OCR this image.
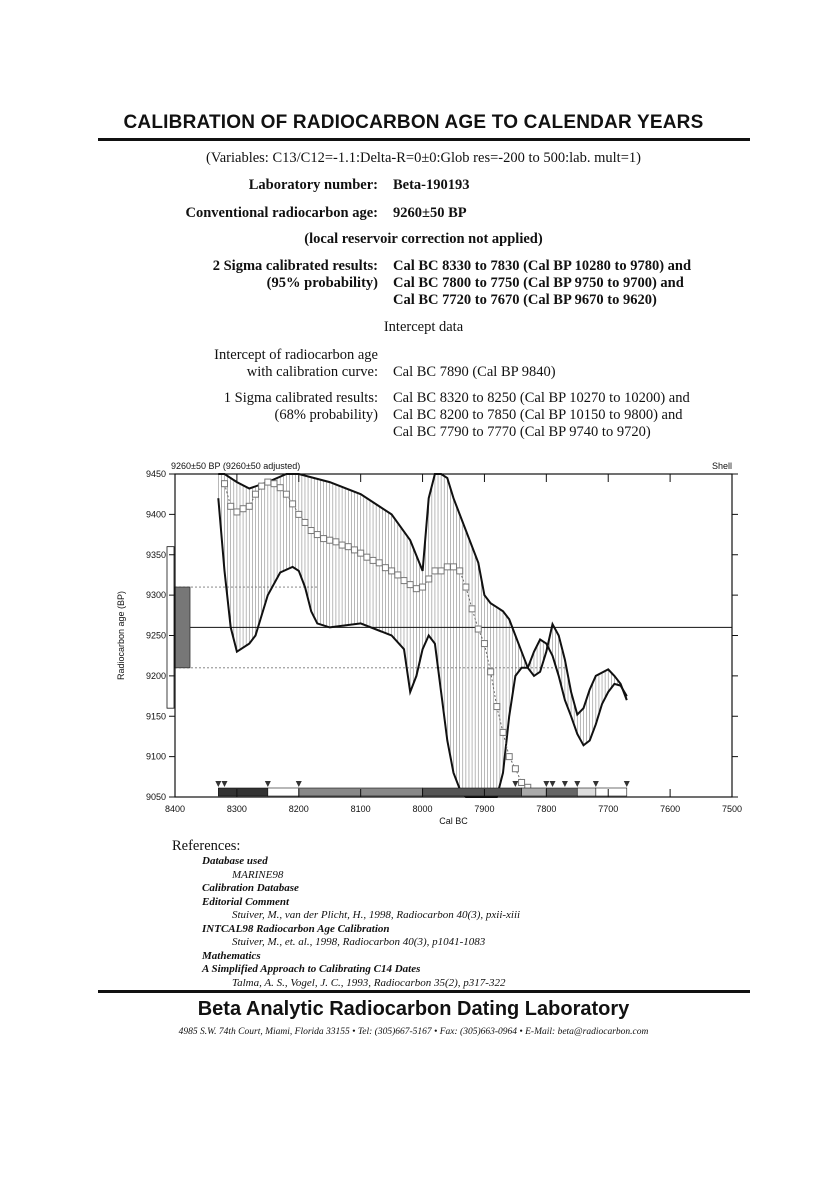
CALIBRATION OF RADIOCARBON AGE TO CALENDAR YEARS
(Variables: C13/C12=-1.1:Delta-R=0±0:Glob res=-200 to 500:lab. mult=1)
Laboratory number: Beta-190193
Conventional radiocarbon age: 9260±50 BP
(local reservoir correction not applied)
2 Sigma calibrated results:
(95% probability)
Cal BC 8330 to 7830 (Cal BP 10280 to 9780) and
Cal BC 7800 to 7750 (Cal BP 9750 to 9700) and
Cal BC 7720 to 7670 (Cal BP 9670 to 9620)
Intercept data
Intercept of radiocarbon age
with calibration curve: Cal BC 7890 (Cal BP 9840)
1 Sigma calibrated results:
(68% probability)
Cal BC 8320 to 8250 (Cal BP 10270 to 10200) and
Cal BC 8200 to 7850 (Cal BP 10150 to 9800) and
Cal BC 7790 to 7770 (Cal BP 9740 to 9720)
8400	8300	8200	8100	8000	7900	7800	7700	7600	7500
9050
9100
9150
9200
9250
9300
9350
9400
9450
Cal BC
Radiocarbon age (BP)
9260±50 BP (9260±50 adjusted)	Shell
References:
Database used
MARINE98
Calibration Database
Editorial Comment
Stuiver, M., van der Plicht, H., 1998, Radiocarbon 40(3), pxii-xiii
INTCAL98 Radiocarbon Age Calibration
Stuiver, M., et. al., 1998, Radiocarbon 40(3), p1041-1083
Mathematics
A Simplified Approach to Calibrating C14 Dates
Talma, A. S., Vogel, J. C., 1993, Radiocarbon 35(2), p317-322
Beta Analytic Radiocarbon Dating Laboratory
4985 S.W. 74th Court, Miami, Florida 33155 • Tel: (305)667-5167 • Fax: (305)663-0964 • E-Mail: beta@radiocarbon.com
